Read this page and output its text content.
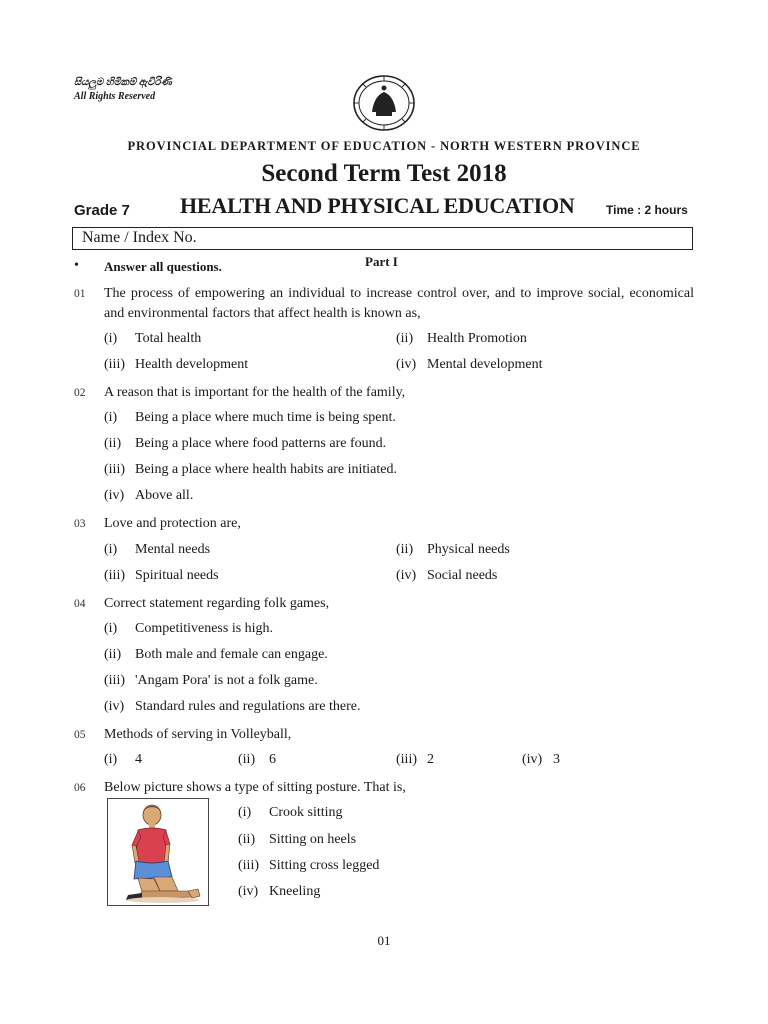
සියලුම හිමිකම් ඇවිරිණි
All Rights Reserved
PROVINCIAL DEPARTMENT OF EDUCATION - NORTH WESTERN PROVINCE
Second Term Test 2018
Grade 7 HEALTH AND PHYSICAL EDUCATION	Time : 2 hours
Name / Index No.
• Answer all questions.	Part I
01 The process of empowering an individual to increase control over, and to improve social, economical and environmental factors that affect health is known as,
(i) Total health	(ii) Health Promotion
(iii) Health development	(iv) Mental development
02 A reason that is important for the health of the family,
(i) Being a place where much time is being spent.
(ii) Being a place where food patterns are found.
(iii) Being a place where health habits are initiated.
(iv) Above all.
03 Love and protection are,
(i) Mental needs	(ii) Physical needs
(iii) Spiritual needs	(iv) Social needs
04 Correct statement regarding folk games,
(i) Competitiveness is high.
(ii) Both male and female can engage.
(iii) 'Angam Pora' is not a folk game.
(iv) Standard rules and regulations are there.
05 Methods of serving in Volleyball,
(i) 4	(ii) 6	(iii) 2	(iv) 3
06 Below picture shows a type of sitting posture. That is,
(i) Crook sitting
(ii) Sitting on heels
(iii) Sitting cross legged
(iv) Kneeling
01
